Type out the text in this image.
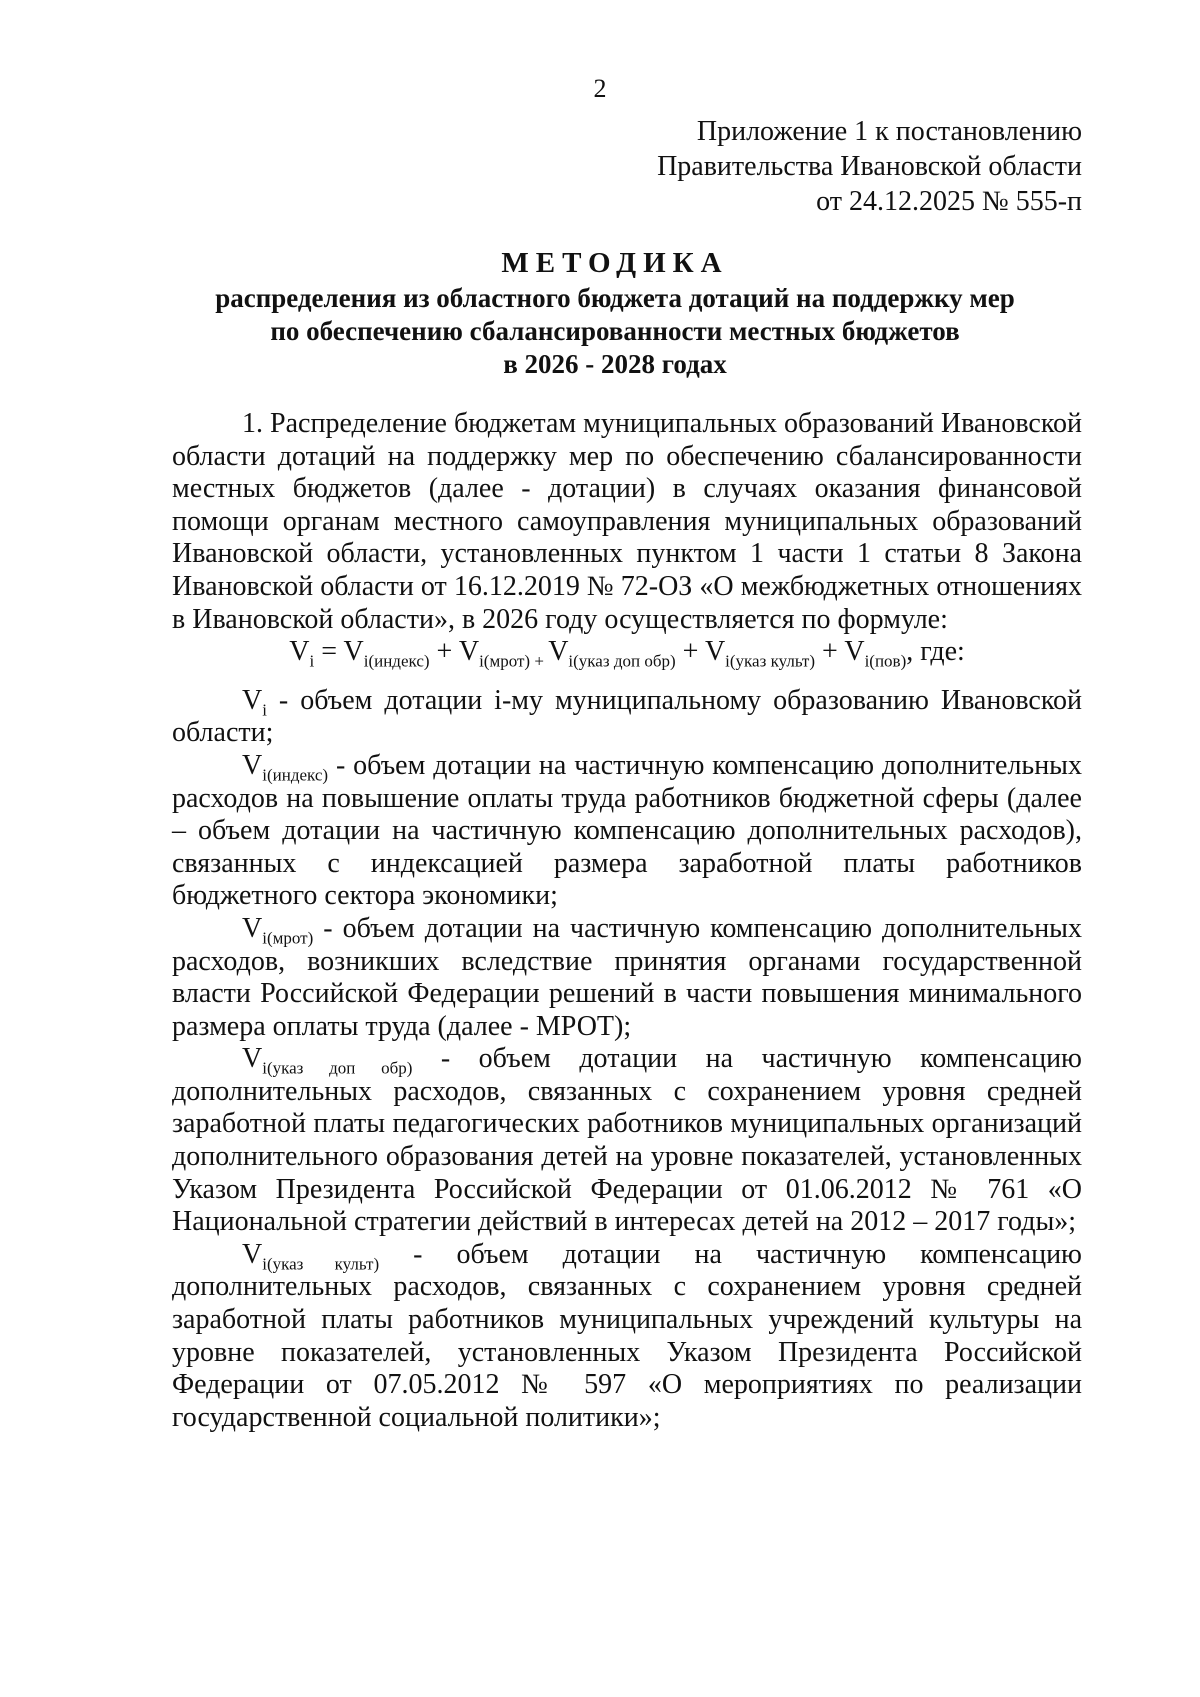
2
Приложение 1 к постановлению
Правительства Ивановской области
от 24.12.2025 № 555-п
МЕТОДИКА
распределения из областного бюджета дотаций на поддержку мер
по обеспечению сбалансированности местных бюджетов
в 2026 - 2028 годах

1. Распределение бюджетам муниципальных образований Ивановской области дотаций на поддержку мер по обеспечению сбалансированности местных бюджетов (далее - дотации) в случаях оказания финансовой помощи органам местного самоуправления муниципальных образований Ивановской области, установленных пунктом 1 части 1 статьи 8 Закона Ивановской области от 16.12.2019 № 72-ОЗ «О межбюджетных отношениях в Ивановской области», в 2026 году осуществляется по формуле:

$V_i = V_{i(индекс)} + V_{i(мрот) +}$ $V_{i(указ доп обр)} + V_{i(указ культ)} + V_{i(пов)}$, где:

$V_i$ - объем дотации i-му муниципальному образованию Ивановской области;

$V_{i(индекс)}$ - объем дотации на частичную компенсацию дополнительных расходов на повышение оплаты труда работников бюджетной сферы (далее – объем дотации на частичную компенсацию дополнительных расходов), связанных с индексацией размера заработной платы работников бюджетного сектора экономики;

$V_{i(мрот)}$ - объем дотации на частичную компенсацию дополнительных расходов, возникших вследствие принятия органами государственной власти Российской Федерации решений в части повышения минимального размера оплаты труда (далее - МРОТ);

$V_{i(указ доп обр)}$ - объем дотации на частичную компенсацию дополнительных расходов, связанных с сохранением уровня средней заработной платы педагогических работников муниципальных организаций дополнительного образования детей на уровне показателей, установленных Указом Президента Российской Федерации от 01.06.2012 № 761 «О Национальной стратегии действий в интересах детей на 2012 – 2017 годы»;

$V_{i(указ культ)}$ - объем дотации на частичную компенсацию дополнительных расходов, связанных с сохранением уровня средней заработной платы работников муниципальных учреждений культуры на уровне показателей, установленных Указом Президента Российской Федерации от 07.05.2012 № 597 «О мероприятиях по реализации государственной социальной политики»;
